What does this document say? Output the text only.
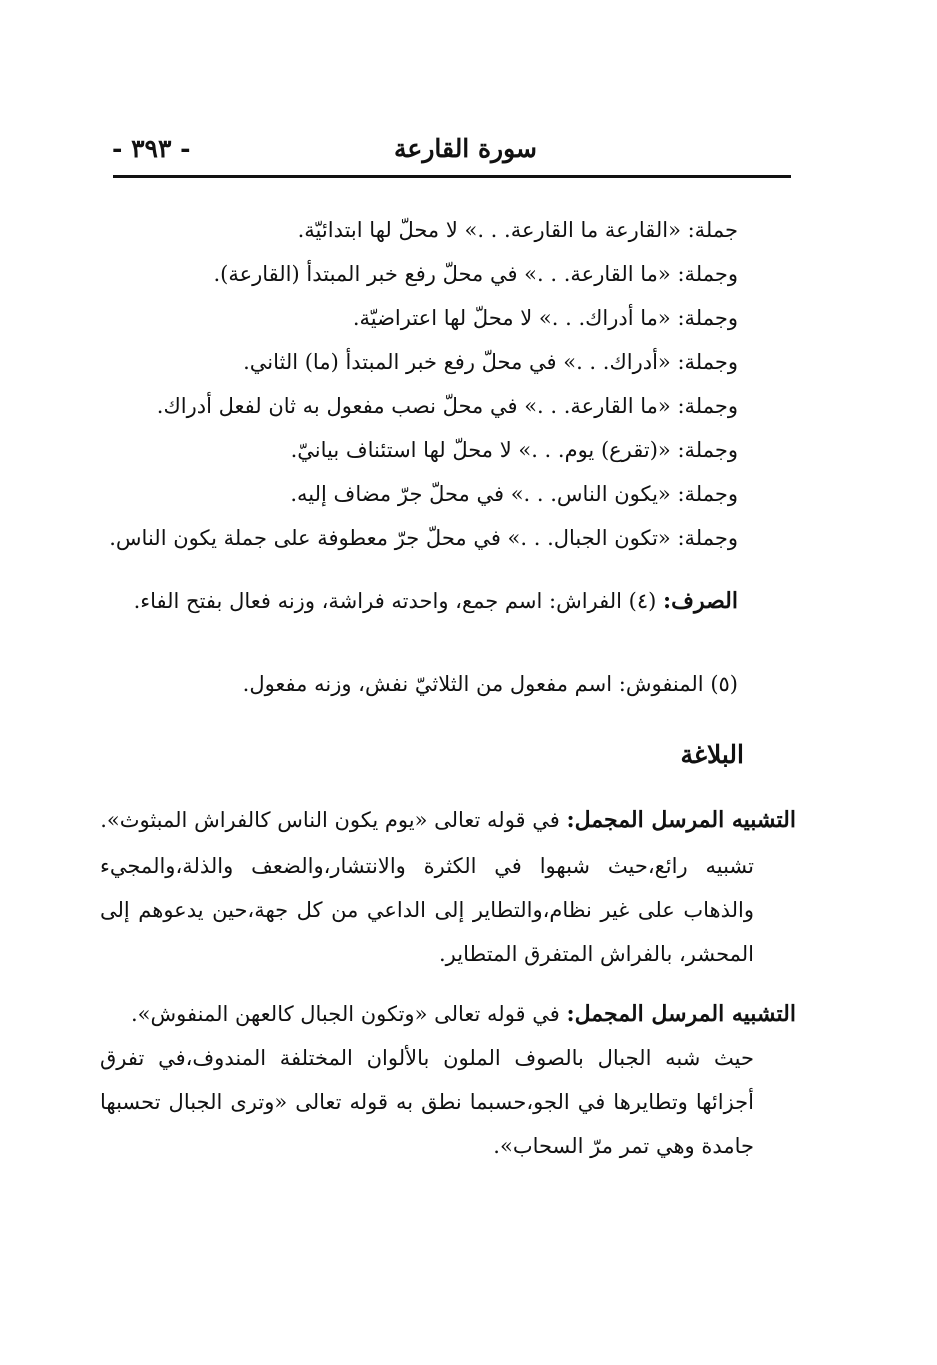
سورة القارعة
- ٣٩٣ -
جملة: «القارعة ما القارعة. . .» لا محلّ لها ابتدائيّة.
وجملة: «ما القارعة. . .» في محلّ رفع خبر المبتدأ (القارعة).
وجملة: «ما أدراك. . .» لا محلّ لها اعتراضيّة.
وجملة: «أدراك. . .» في محلّ رفع خبر المبتدأ (ما) الثاني.
وجملة: «ما القارعة. . .» في محلّ نصب مفعول به ثان لفعل أدراك.
وجملة: «(تقرع) يوم. . .» لا محلّ لها استئناف بيانيّ.
وجملة: «يكون الناس. . .» في محلّ جرّ مضاف إليه.
وجملة: «تكون الجبال. . .» في محلّ جرّ معطوفة على جملة يكون الناس.
الصرف: (٤) الفراش: اسم جمع، واحدته فراشة، وزنه فعال بفتح الفاء.
(٥) المنفوش: اسم مفعول من الثلاثيّ نفش، وزنه مفعول.
البلاغة
التشبيه المرسل المجمل: في قوله تعالى «يوم يكون الناس كالفراش المبثوث».
تشبيه رائع،حيث شبهوا في الكثرة والانتشار،والضعف والذلة،والمجيء والذهاب على غير نظام،والتطاير إلى الداعي من كل جهة،حين يدعوهم إلى المحشر، بالفراش المتفرق المتطاير.
التشبيه المرسل المجمل: في قوله تعالى «وتكون الجبال كالعهن المنفوش».
حيث شبه الجبال بالصوف الملون بالألوان المختلفة المندوف،في تفرق أجزائها وتطايرها في الجو،حسبما نطق به قوله تعالى «وترى الجبال تحسبها جامدة وهي تمر مرّ السحاب».
